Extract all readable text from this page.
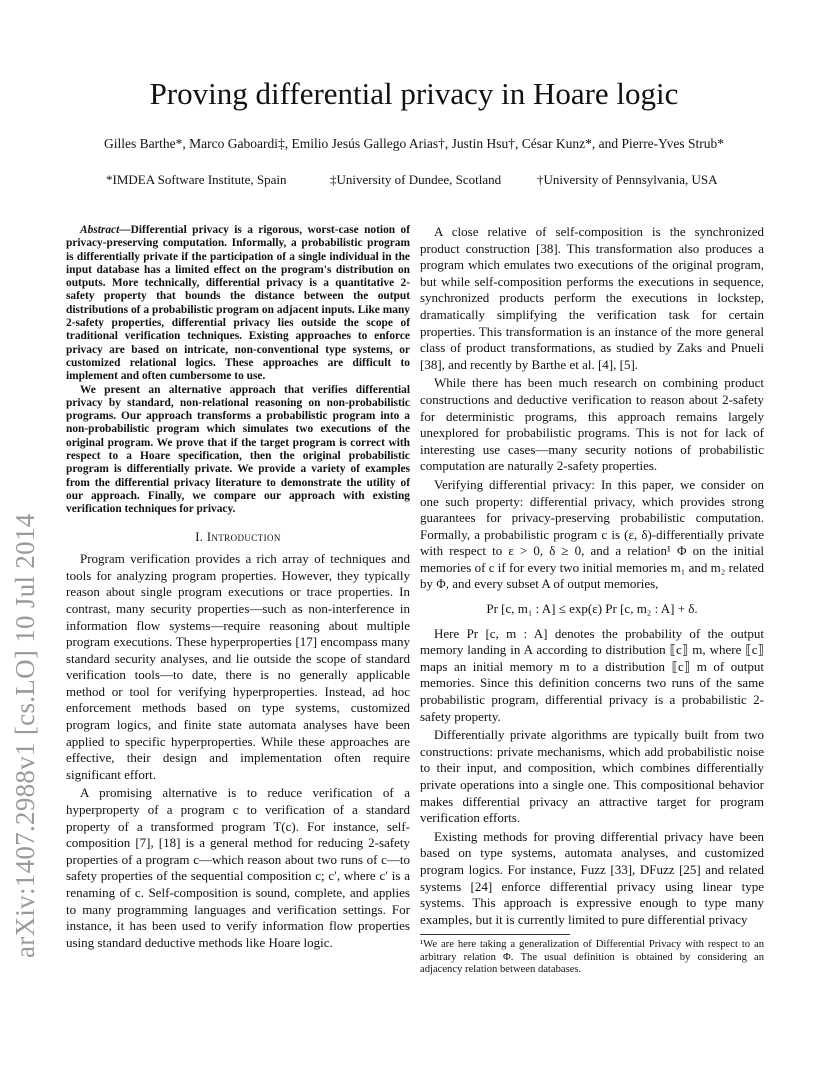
arXiv:1407.2988v1 [cs.LO] 10 Jul 2014
Proving differential privacy in Hoare logic
Gilles Barthe*, Marco Gaboardi‡, Emilio Jesús Gallego Arias†, Justin Hsu†, César Kunz*, and Pierre-Yves Strub*
*IMDEA Software Institute, Spain	‡University of Dundee, Scotland	†University of Pennsylvania, USA

Abstract—Differential privacy is a rigorous, worst-case notion of privacy-preserving computation. Informally, a probabilistic program is differentially private if the participation of a single individual in the input database has a limited effect on the program's distribution on outputs. More technically, differential privacy is a quantitative 2-safety property that bounds the distance between the output distributions of a probabilistic program on adjacent inputs. Like many 2-safety properties, differential privacy lies outside the scope of traditional verification techniques. Existing approaches to enforce privacy are based on intricate, non-conventional type systems, or customized relational logics. These approaches are difficult to implement and often cumbersome to use.

We present an alternative approach that verifies differential privacy by standard, non-relational reasoning on non-probabilistic programs. Our approach transforms a probabilistic program into a non-probabilistic program which simulates two executions of the original program. We prove that if the target program is correct with respect to a Hoare specification, then the original probabilistic program is differentially private. We provide a variety of examples from the differential privacy literature to demonstrate the utility of our approach. Finally, we compare our approach with existing verification techniques for privacy.

I. Introduction

Program verification provides a rich array of techniques and tools for analyzing program properties. However, they typically reason about single program executions or trace properties. In contrast, many security properties—such as non-interference in information flow systems—require reasoning about multiple program executions. These hyperproperties [17] encompass many standard security analyses, and lie outside the scope of standard verification tools—to date, there is no generally applicable method or tool for verifying hyperproperties. Instead, ad hoc enforcement methods based on type systems, customized program logics, and finite state automata analyses have been applied to specific hyperproperties. While these approaches are effective, their design and implementation often require significant effort.

A promising alternative is to reduce verification of a hyperproperty of a program c to verification of a standard property of a transformed program T(c). For instance, self-composition [7], [18] is a general method for reducing 2-safety properties of a program c—which reason about two runs of c—to safety properties of the sequential composition c; c′, where c′ is a renaming of c. Self-composition is sound, complete, and applies to many programming languages and verification settings. For instance, it has been used to verify information flow properties using standard deductive methods like Hoare logic.

A close relative of self-composition is the synchronized product construction [38]. This transformation also produces a program which emulates two executions of the original program, but while self-composition performs the executions in sequence, synchronized products perform the executions in lockstep, dramatically simplifying the verification task for certain properties. This transformation is an instance of the more general class of product transformations, as studied by Zaks and Pnueli [38], and recently by Barthe et al. [4], [5].

While there has been much research on combining product constructions and deductive verification to reason about 2-safety for deterministic programs, this approach remains largely unexplored for probabilistic programs. This is not for lack of interesting use cases—many security notions of probabilistic computation are naturally 2-safety properties.

Verifying differential privacy: In this paper, we consider on one such property: differential privacy, which provides strong guarantees for privacy-preserving probabilistic computation. Formally, a probabilistic program c is (ε, δ)-differentially private with respect to ε > 0, δ ≥ 0, and a relation¹ Φ on the initial memories of c if for every two initial memories m₁ and m₂ related by Φ, and every subset A of output memories,

Pr [c, m₁ : A] ≤ exp(ε) Pr [c, m₂ : A] + δ.

Here Pr [c, m : A] denotes the probability of the output memory landing in A according to distribution ⟦c⟧ m, where ⟦c⟧ maps an initial memory m to a distribution ⟦c⟧ m of output memories. Since this definition concerns two runs of the same probabilistic program, differential privacy is a probabilistic 2-safety property.

Differentially private algorithms are typically built from two constructions: private mechanisms, which add probabilistic noise to their input, and composition, which combines differentially private operations into a single one. This compositional behavior makes differential privacy an attractive target for program verification efforts.

Existing methods for proving differential privacy have been based on type systems, automata analyses, and customized program logics. For instance, Fuzz [33], DFuzz [25] and related systems [24] enforce differential privacy using linear type systems. This approach is expressive enough to type many examples, but it is currently limited to pure differential privacy

¹We are here taking a generalization of Differential Privacy with respect to an arbitrary relation Φ. The usual definition is obtained by considering an adjacency relation between databases.
